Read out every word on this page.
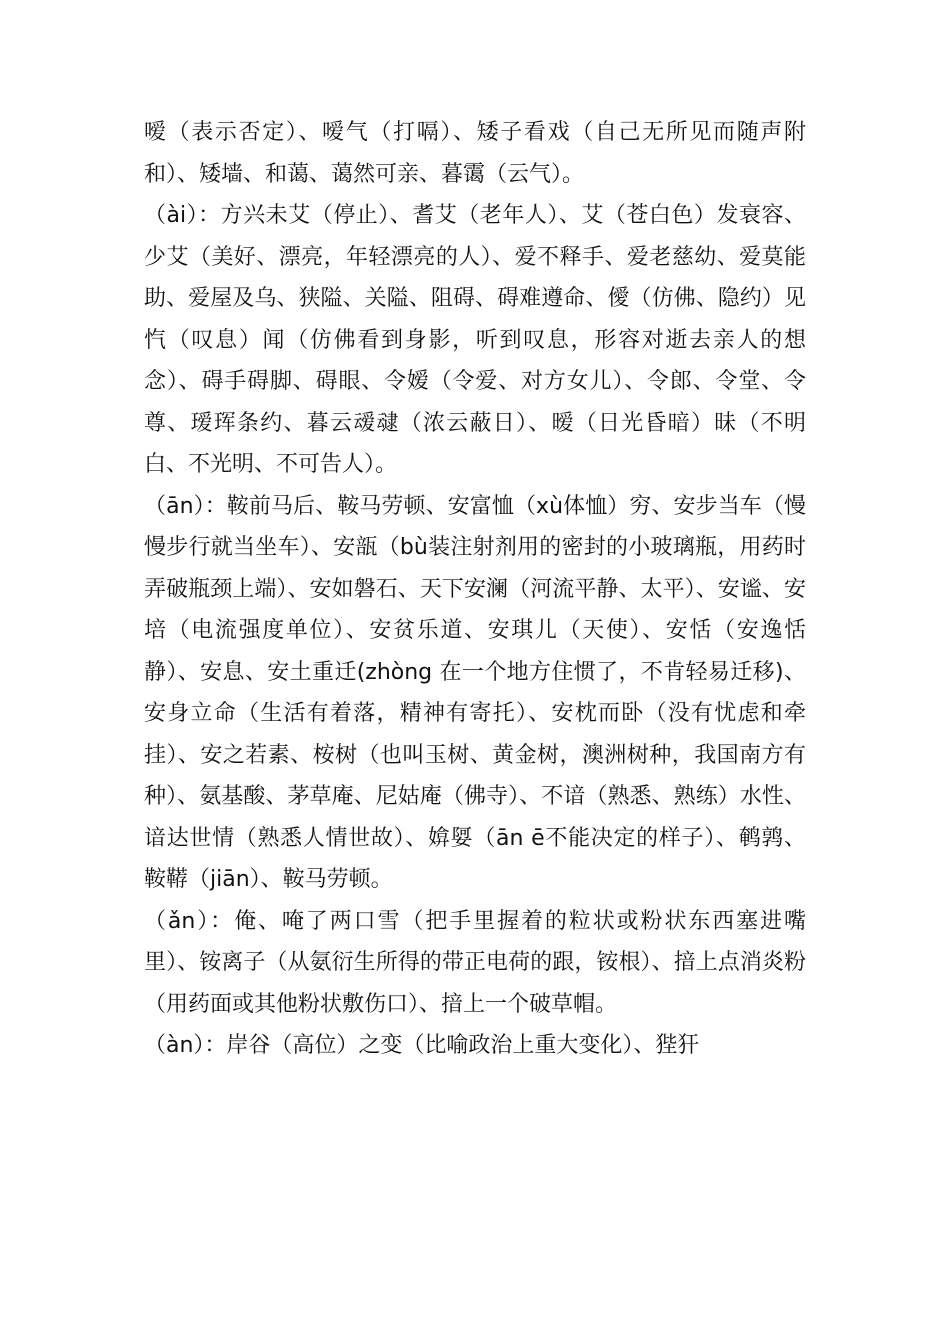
嗳（表示否定）、嗳气（打嗝）、矮子看戏（自己无所见而随声附和）、矮墙、和蔼、蔼然可亲、暮霭（云气）。

（ài）：方兴未艾（停止）、耆艾（老年人）、艾（苍白色）发衰容、少艾（美好、漂亮，年轻漂亮的人）、爱不释手、爱老慈幼、爱莫能助、爱屋及乌、狭隘、关隘、阻碍、碍难遵命、僾（仿佛、隐约）见忾（叹息）闻（仿佛看到身影，听到叹息，形容对逝去亲人的想念）、碍手碍脚、碍眼、令嫒（令爱、对方女儿）、令郎、令堂、令尊、瑷珲条约、暮云叆叇（浓云蔽日）、暧（日光昏暗）昧（不明白、不光明、不可告人）。

（ān）：鞍前马后、鞍马劳顿、安富恤（xù体恤）穷、安步当车（慢慢步行就当坐车）、安瓿（bù装注射剂用的密封的小玻璃瓶，用药时弄破瓶颈上端）、安如磐石、天下安澜（河流平静、太平）、安谧、安培（电流强度单位）、安贫乐道、安琪儿（天使）、安恬（安逸恬静）、安息、安土重迁(zhòng 在一个地方住惯了，不肯轻易迁移)、安身立命（生活有着落，精神有寄托）、安枕而卧（没有忧虑和牵挂）、安之若素、桉树（也叫玉树、黄金树，澳洲树种，我国南方有种）、氨基酸、茅草庵、尼姑庵（佛寺）、不谙（熟悉、熟练）水性、谙达世情（熟悉人情世故）、媕娿（ān ē不能决定的样子）、鹌鹑、鞍鞯（jiān）、鞍马劳顿。

（ǎn）：俺、唵了两口雪（把手里握着的粒状或粉状东西塞进嘴里）、铵离子（从氨衍生所得的带正电荷的跟，铵根）、揞上点消炎粉（用药面或其他粉状敷伤口）、揞上一个破草帽。

（àn）：岸谷（高位）之变（比喻政治上重大变化）、狴犴
